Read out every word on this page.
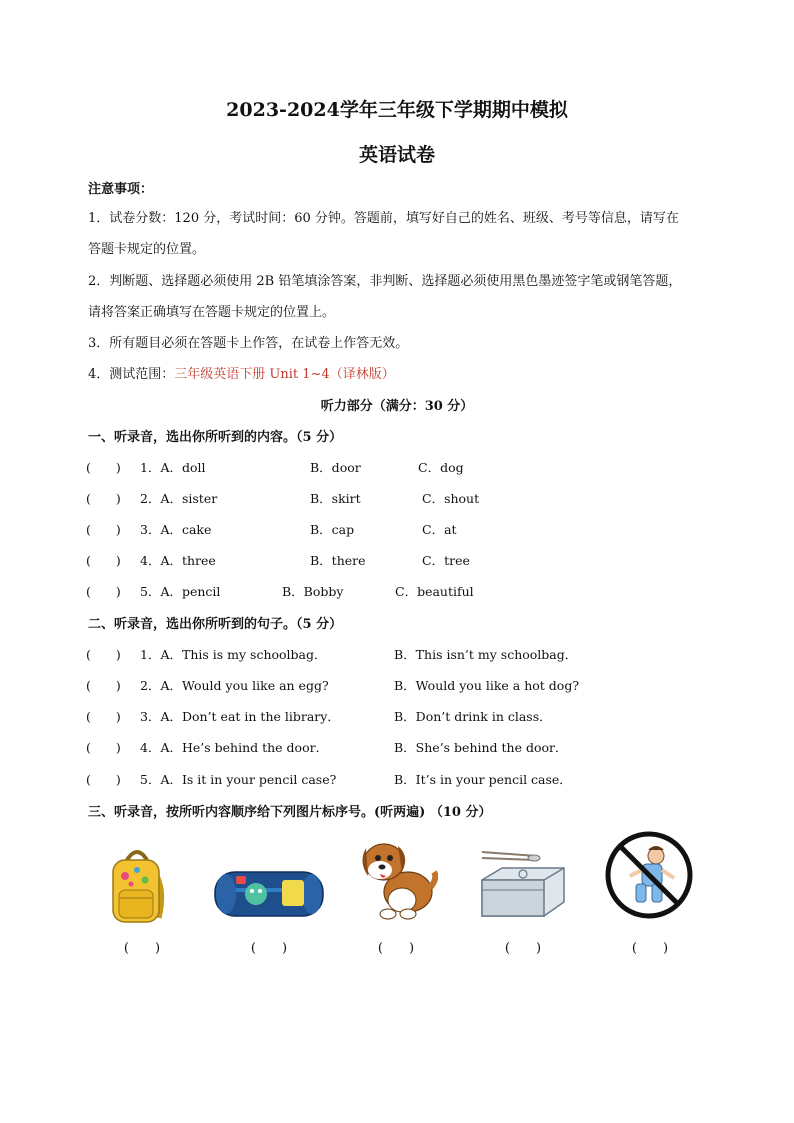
2023-2024学年三年级下学期期中模拟
英语试卷
注意事项：
1．试卷分数：120 分，考试时间：60 分钟。答题前，填写好自己的姓名、班级、考号等信息，请写在
答题卡规定的位置。
2．判断题、选择题必须使用 2B 铅笔填涂答案，非判断、选择题必须使用黑色墨迹签字笔或钢笔答题，
请将答案正确填写在答题卡规定的位置上。
3．所有题目必须在答题卡上作答，在试卷上作答无效。
4．测试范围：三年级英语下册 Unit 1~4（译林版）
听力部分（满分：30 分）
一、听录音，选出你所听到的内容。（5 分）
(　　) 1．A．doll	B．door	C．dog
(　　) 2．A．sister	B．skirt	C．shout
(　　) 3．A．cake	B．cap	C．at
(　　) 4．A．three	B．there	C．tree
(　　) 5．A．pencil	B．Bobby	C．beautiful
二、听录音，选出你所听到的句子。（5 分）
(　　) 1．A．This is my schoolbag．	B．This isn’t my schoolbag．
(　　) 2．A．Would you like an egg?	B．Would you like a hot dog?
(　　) 3．A．Don’t eat in the library．	B．Don’t drink in class．
(　　) 4．A．He’s behind the door．	B．She’s behind the door．
(　　) 5．A．Is it in your pencil case?	B．It’s in your pencil case．
三、听录音，按所听内容顺序给下列图片标序号。(听两遍) （10 分）
(　　)	(　　)	(　　)	(　　)	(　　)
